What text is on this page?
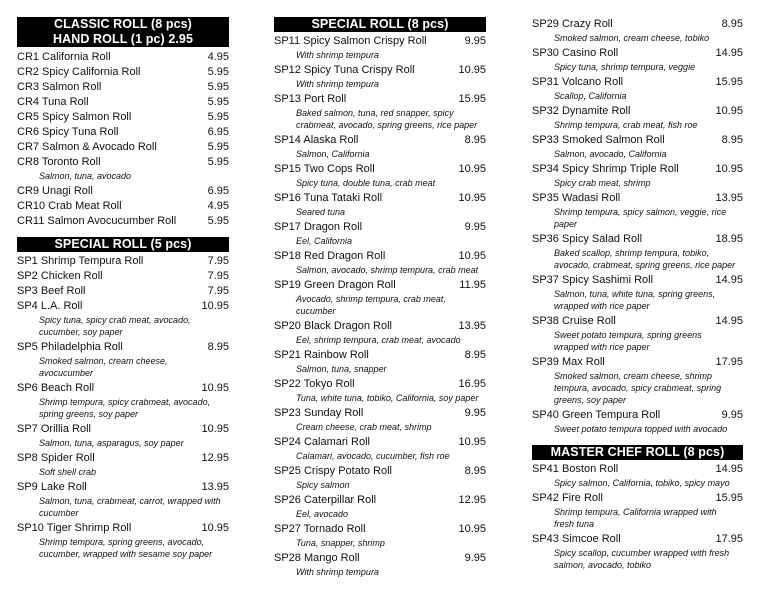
CLASSIC ROLL (8 pcs)
HAND ROLL (1 pc) 2.95
CR1 California Roll	4.95
CR2 Spicy California Roll	5.95
CR3 Salmon Roll	5.95
CR4 Tuna Roll	5.95
CR5 Spicy Salmon Roll	5.95
CR6 Spicy Tuna Roll	6.95
CR7 Salmon & Avocado Roll	5.95
CR8 Toronto Roll	5.95
Salmon, tuna, avocado
CR9 Unagi Roll	6.95
CR10 Crab Meat Roll	4.95
CR11 Salmon Avocucumber Roll	5.95
SPECIAL ROLL (5 pcs)
SP1 Shrimp Tempura Roll	7.95
SP2 Chicken Roll	7.95
SP3 Beef Roll	7.95
SP4 L.A. Roll	10.95
Spicy tuna, spicy crab meat, avocado, cucumber, soy paper
SP5 Philadelphia Roll	8.95
Smoked salmon, cream cheese, avocucumber
SP6 Beach Roll	10.95
Shrimp tempura, spicy crabmeat, avocado, spring greens, soy paper
SP7 Orillia Roll	10.95
Salmon, tuna, asparagus, soy paper
SP8 Spider Roll	12.95
Soft shell crab
SP9 Lake Roll	13.95
Salmon, tuna, crabmeat, carrot, wrapped with cucumber
SP10 Tiger Shrimp Roll	10.95
Shrimp tempura, spring greens, avocado, cucumber, wrapped with sesame soy paper
SPECIAL ROLL (8 pcs)
SP11 Spicy Salmon Crispy Roll	9.95
With shrimp tempura
SP12 Spicy Tuna Crispy Roll	10.95
With shrimp tempura
SP13 Port Roll	15.95
Baked salmon, tuna, red snapper, spicy crabmeat, avocado, spring greens, rice paper
SP14 Alaska Roll	8.95
Salmon, California
SP15 Two Cops Roll	10.95
Spicy tuna, double tuna, crab meat
SP16 Tuna Tataki Roll	10.95
Seared tuna
SP17 Dragon Roll	9.95
Eel, California
SP18 Red Dragon Roll	10.95
Salmon, avocado, shrimp tempura, crab meat
SP19 Green Dragon Roll	11.95
Avocado, shrimp tempura, crab meat, cucumber
SP20 Black Dragon Roll	13.95
Eel, shrimp tempura, crab meat, avocado
SP21 Rainbow Roll	8.95
Salmon, tuna, snapper
SP22 Tokyo Roll	16.95
Tuna, white tuna, tobiko, California, soy paper
SP23 Sunday Roll	9.95
Cream cheese, crab meat, shrimp
SP24 Calamari Roll	10.95
Calamari, avocado, cucumber, fish roe
SP25 Crispy Potato Roll	8.95
Spicy salmon
SP26 Caterpillar Roll	12.95
Eel, avocado
SP27 Tornado Roll	10.95
Tuna, snapper, shrimp
SP28 Mango Roll	9.95
With shrimp tempura
SP29 Crazy Roll	8.95
Smoked salmon, cream cheese, tobiko
SP30 Casino Roll	14.95
Spicy tuna, shrimp tempura, veggie
SP31 Volcano Roll	15.95
Scallop, California
SP32 Dynamite Roll	10.95
Shrimp tempura, crab meat, fish roe
SP33 Smoked Salmon Roll	8.95
Salmon, avocado, California
SP34 Spicy Shrimp Triple Roll	10.95
Spicy crab meat, shrimp
SP35 Wadasi Roll	13.95
Shrimp tempura, spicy salmon, veggie, rice paper
SP36 Spicy Salad Roll	18.95
Baked scallop, shrimp tempura, tobiko, avocado, crabmeat, spring greens, rice paper
SP37 Spicy Sashimi Roll	14.95
Salmon, tuna, white tuna, spring greens, wrapped with rice paper
SP38 Cruise Roll	14.95
Sweet potato tempura, spring greens wrapped with rice paper
SP39 Max Roll	17.95
Smoked salmon, cream cheese, shrimp tempura, avocado, spicy crabmeat, spring greens, soy paper
SP40 Green Tempura Roll	9.95
Sweet potato tempura topped with avocado
MASTER CHEF ROLL (8 pcs)
SP41 Boston Roll	14.95
Spicy salmon, California, tobiko, spicy mayo
SP42 Fire Roll	15.95
Shrimp tempura, California wrapped with fresh tuna
SP43 Simcoe Roll	17.95
Spicy scallop, cucumber wrapped with fresh salmon, avocado, tobiko
